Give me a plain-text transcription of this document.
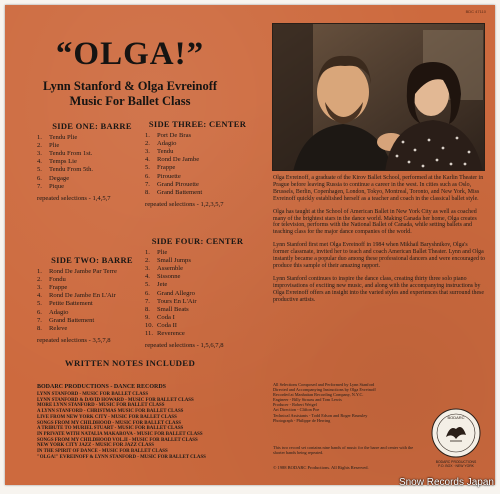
BDC 47110
“OLGA!”
Lynn Stanford & Olga Evreinoff
Music For Ballet Class
SIDE ONE: BARRE
1.	Tendu Plie
2.	Plie
3.	Tendu From 1st.
4.	Temps Lie
5.	Tendu From 5th.
6.	Degage
7.	Pique
repeated selections - 1,4,5,7
SIDE THREE: CENTER
1.	Port De Bras
2.	Adagio
3.	Tendu
4.	Rond De Jambe
5.	Frappe
6.	Pirouette
7.	Grand Pirouette
8.	Grand Battement
repeated selections - 1,2,3,5,7
SIDE TWO: BARRE
1.	Rond De Jambe Par Terre
2.	Fondu
3.	Frappe
4.	Rond De Jambe En L'Air
5.	Petite Battement
6.	Adagio
7.	Grand Battement
8.	Releve
repeated selections - 3,5,7,8
SIDE FOUR: CENTER
1.	Plie
2.	Small Jumps
3.	Assemble
4.	Sissonne
5.	Jete
6.	Grand Allegro
7.	Tours En L'Air
8.	Small Beats
9.	Coda I
10. Coda II
11. Reverence
repeated selections - 1,5,6,7,8
WRITTEN NOTES INCLUDED
BODARC PRODUCTIONS - DANCE RECORDS
LYNN STANFORD - MUSIC FOR BALLET CLASS
LYNN STANFORD & DAVID HOWARD - MUSIC FOR BALLET CLASS
MORE LYNN STANFORD - MUSIC FOR BALLET CLASS
A LYNN STANFORD - CHRISTMAS MUSIC FOR BALLET CLASS
LIVE FROM NEW YORK CITY - MUSIC FOR BALLET CLASS
SONGS FROM MY CHILDHOOD - MUSIC FOR BALLET CLASS
A TRIBUTE TO MURIEL STUART - MUSIC FOR BALLET CLASS
IN PRIVATE WITH NATALIA MAKAROVA - MUSIC FOR BALLET CLASS
SONGS FROM MY CHILDHOOD VOL.II - MUSIC FOR BALLET CLASS
NEW YORK CITY JAZZ - MUSIC FOR JAZZ CLASS
IN THE SPIRIT OF DANCE - MUSIC FOR BALLET CLASS
"OLGA!" EVREINOFF & LYNN STANFORD - MUSIC FOR BALLET CLASS

Olga Evreinoff, a graduate of the Kirov Ballet School, performed at the Karlin Theater in Prague before leaving Russia to continue a career in the west. In cities such as Oslo, Brussels, Berlin, Copenhagen, London, Tokyo, Montreal, Toronto, and New York, Miss Evreinoff quickly established herself as a teacher and coach in the classical ballet style.

Olga has taught at the School of American Ballet in New York City as well as coached many of the brightest stars in the dance world. Making Canada her home, Olga creates for television, performs with the National Ballet of Canada, while setting ballets and teaching class for the major dance companies of the world.

Lynn Stanford first met Olga Evreinoff in 1984 when Mikhail Baryshnikov, Olga's former classmate, invited her to teach and coach American Ballet Theater. Lynn and Olga instantly became a popular duo among these professional dancers and were encouraged to produce this sample of their amazing rapport.

Lynn Stanford continues to inspire the dance class, creating thirty three solo piano improvisations of exciting new music, and along with the accompanying instructions by Olga Evreinoff offers an insight into the varied styles and experiences that surround these productive artists.

All Selections Composed and Performed by Lynn Stanford
Directed and Accompanying Instructions by Olga Evreinoff
Recorded at Manhattan Recording Company, N.Y.C.
Engineer - Billy Strauss and Tom Lewis
Producer - Robert Weigel
Art Direction - Clifton Poe
Technical Assistants - Todd Edson and Roger Brunsley
Photograph - Philippe de Herring
This two record set contains nine bands of music for the barre and center with the shorter bands being repeated.
© 1988 BODARC Productions. All Rights Reserved.
BODARC
BODARC PRODUCTIONS
P.O. BOX · NEW YORK
Snow Records Japan
